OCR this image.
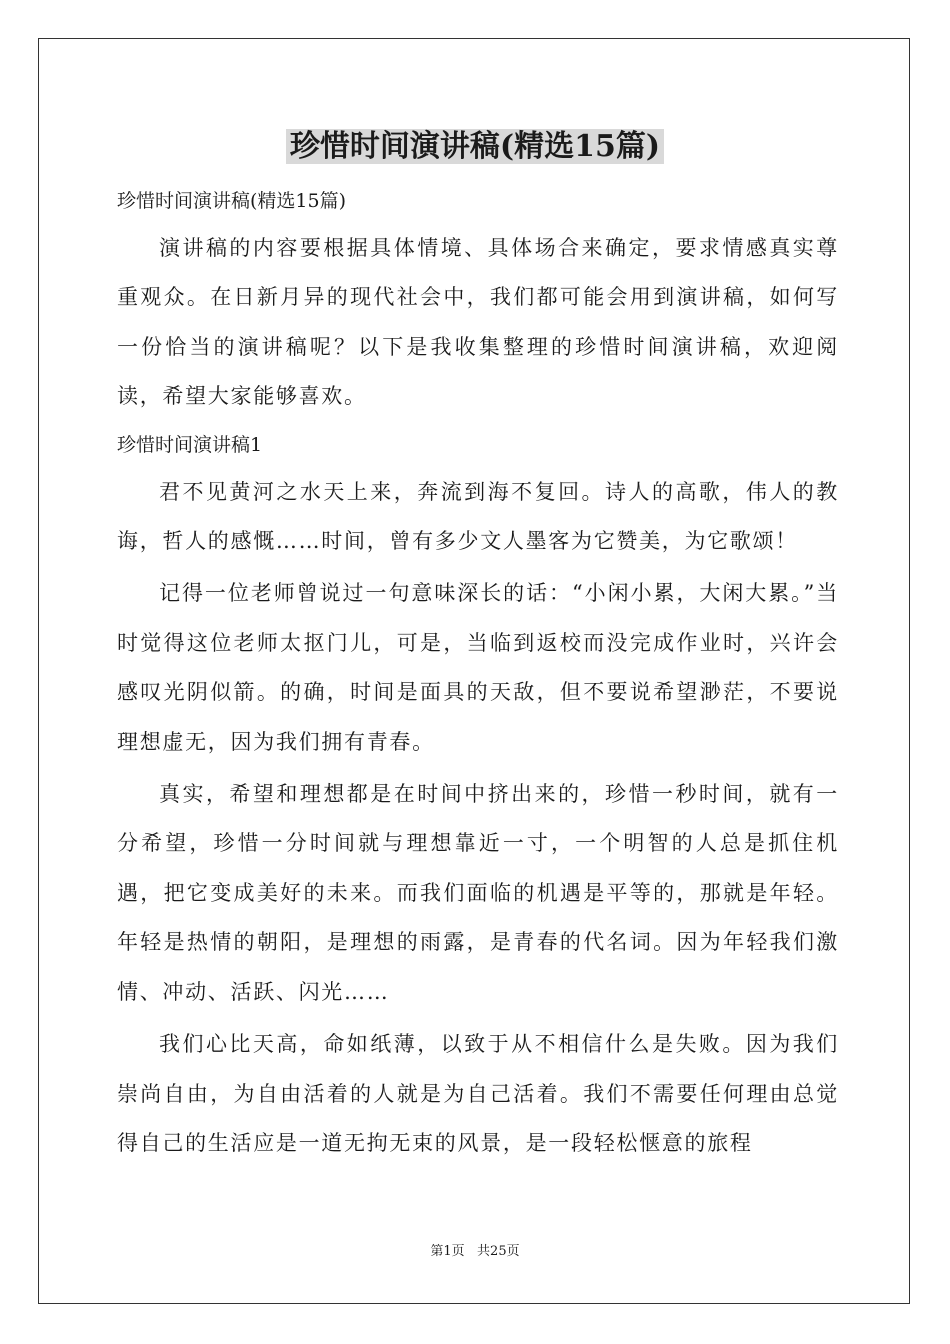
珍惜时间演讲稿(精选15篇)

珍惜时间演讲稿(精选15篇)

演讲稿的内容要根据具体情境、具体场合来确定，要求情感真实尊重观众。在日新月异的现代社会中，我们都可能会用到演讲稿，如何写一份恰当的演讲稿呢？以下是我收集整理的珍惜时间演讲稿，欢迎阅读，希望大家能够喜欢。

珍惜时间演讲稿1

君不见黄河之水天上来，奔流到海不复回。诗人的高歌，伟人的教诲，哲人的感慨……时间，曾有多少文人墨客为它赞美，为它歌颂！

记得一位老师曾说过一句意味深长的话：“小闲小累，大闲大累。”当时觉得这位老师太抠门儿，可是，当临到返校而没完成作业时，兴许会感叹光阴似箭。的确，时间是面具的天敌，但不要说希望渺茫，不要说理想虚无，因为我们拥有青春。

真实，希望和理想都是在时间中挤出来的，珍惜一秒时间，就有一分希望，珍惜一分时间就与理想靠近一寸，一个明智的人总是抓住机遇，把它变成美好的未来。而我们面临的机遇是平等的，那就是年轻。年轻是热情的朝阳，是理想的雨露，是青春的代名词。因为年轻我们激情、冲动、活跃、闪光……

我们心比天高，命如纸薄，以致于从不相信什么是失败。因为我们崇尚自由，为自由活着的人就是为自己活着。我们不需要任何理由总觉得自己的生活应是一道无拘无束的风景，是一段轻松惬意的旅程

第1页   共25页
